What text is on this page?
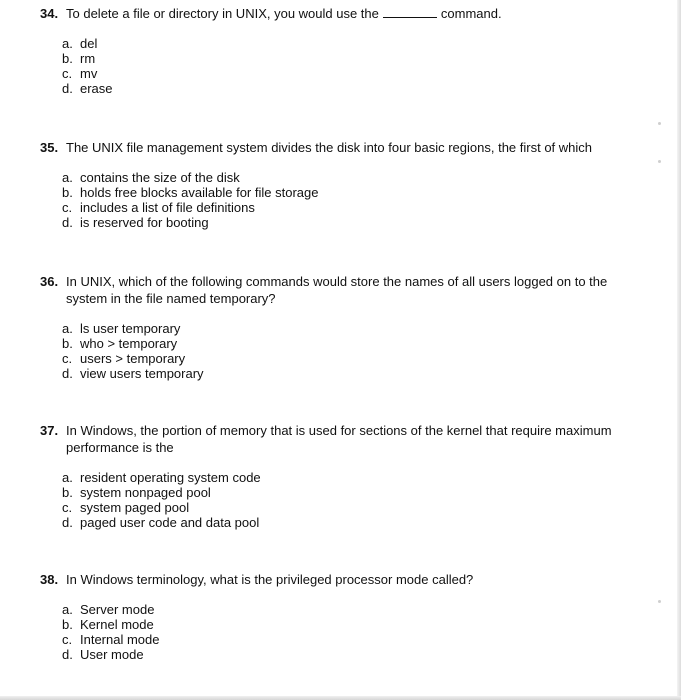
34. To delete a file or directory in UNIX, you would use the	command.
a. del
b. rm
c. mv
d. erase
35. The UNIX file management system divides the disk into four basic regions, the first of which
a. contains the size of the disk
b. holds free blocks available for file storage
c. includes a list of file definitions
d. is reserved for booting
36. In UNIX, which of the following commands would store the names of all users logged on to the system in the file named temporary?
a. ls user temporary
b. who > temporary
c. users > temporary
d. view users temporary
37. In Windows, the portion of memory that is used for sections of the kernel that require maximum performance is the
a. resident operating system code
b. system nonpaged pool
c. system paged pool
d. paged user code and data pool
38. In Windows terminology, what is the privileged processor mode called?
a. Server mode
b. Kernel mode
c. Internal mode
d. User mode
